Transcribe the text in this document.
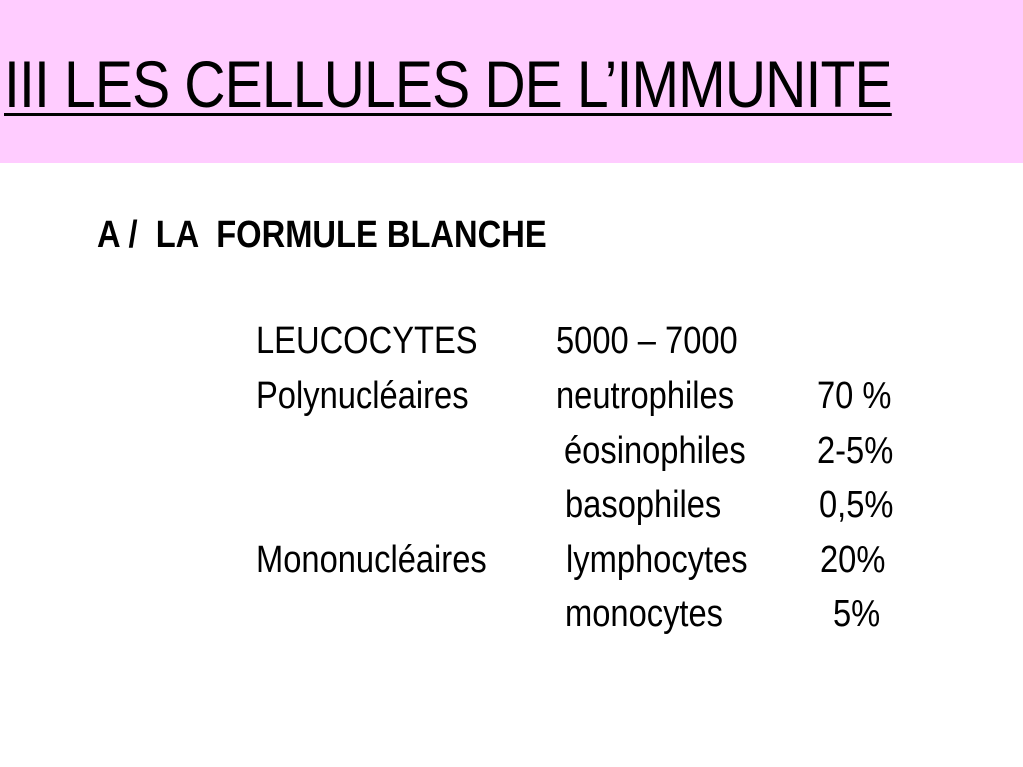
III LES CELLULES DE L’IMMUNITE
A /  LA  FORMULE BLANCHE
LEUCOCYTES 5000 – 7000
Polynucléaires neutrophiles 70 %
éosinophiles 2-5%
basophiles	0,5%
Mononucléaires lymphocytes 20%
monocytes	5%
